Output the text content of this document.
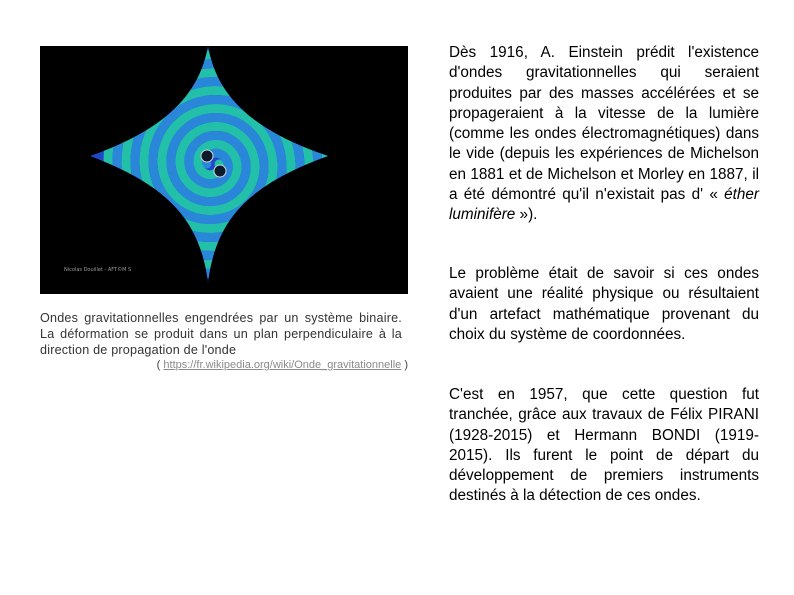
Nicolas Douillet - AFT©M S
Ondes gravitationnelles engendrées par un système binaire. La déformation se produit dans un plan perpendiculaire à la direction de propagation de l'onde
( https://fr.wikipedia.org/wiki/Onde_gravitationnelle )
Dès 1916, A. Einstein prédit l'existence d'ondes gravitationnelles qui seraient produites par des masses accélérées et se propageraient à la vitesse de la lumière (comme les ondes électromagnétiques) dans le vide (depuis les expériences de Michelson en 1881 et de Michelson et Morley en 1887, il a été démontré qu'il n'existait pas d' « éther luminifère »).
Le problème était de savoir si ces ondes avaient une réalité physique ou résultaient d'un artefact mathématique provenant du choix du système de coordonnées.
C'est en 1957, que cette question fut tranchée, grâce aux travaux de Félix PIRANI (1928-2015) et Hermann BONDI (1919-2015). Ils furent le point de départ du développement de premiers instruments destinés à la détection de ces ondes.
